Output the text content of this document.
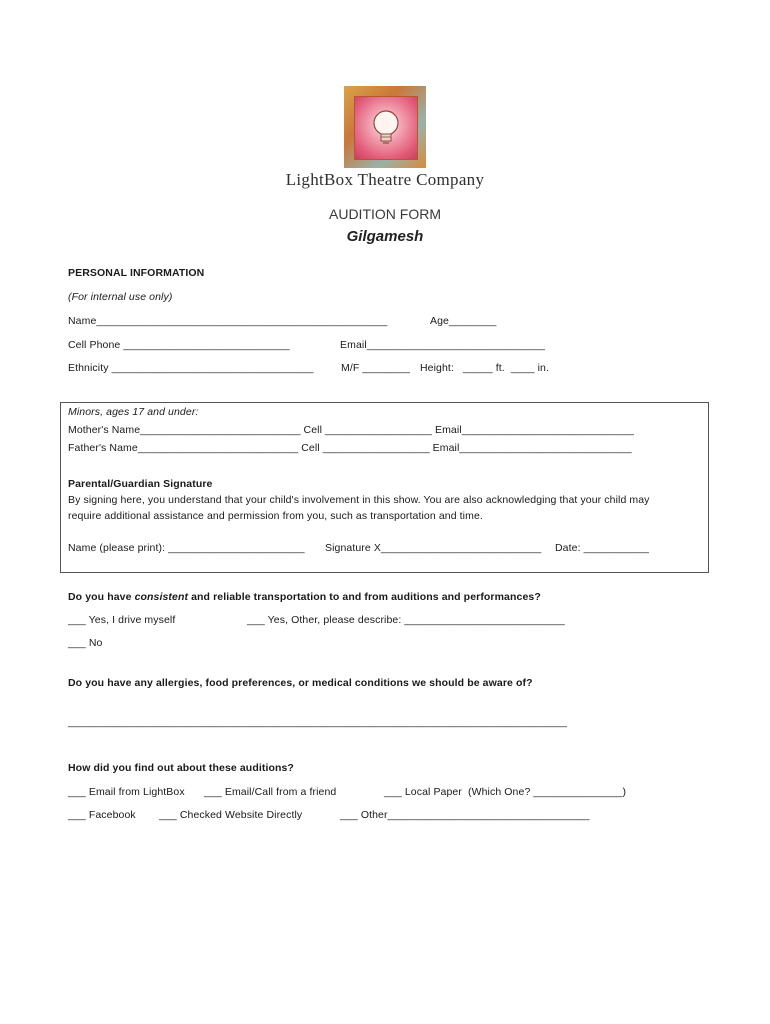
LightBox Theatre Company
AUDITION FORM
Gilgamesh
PERSONAL INFORMATION
(For internal use only)
Name_________________________________________________	Age________
Cell Phone ____________________________	Email______________________________
Ethnicity __________________________________	M/F ________ Height:   _____ ft.  ____ in.
Minors, ages 17 and under:
Mother's Name___________________________ Cell __________________ Email_____________________________
Father's Name___________________________ Cell __________________ Email_____________________________
Parental/Guardian Signature
By signing here, you understand that your child's involvement in this show. You are also acknowledging that your child may
require additional assistance and permission from you, such as transportation and time.
Name (please print): _______________________ Signature X___________________________ Date: ___________
Do you have consistent and reliable transportation to and from auditions and performances?
___ Yes, I drive myself	___ Yes, Other, please describe: ___________________________
___ No
Do you have any allergies, food preferences, or medical conditions we should be aware of?
____________________________________________________________________________________
How did you find out about these auditions?
___ Email from LightBox ___ Email/Call from a friend	___ Local Paper  (Which One? _______________)
___ Facebook ___ Checked Website Directly	___ Other__________________________________
